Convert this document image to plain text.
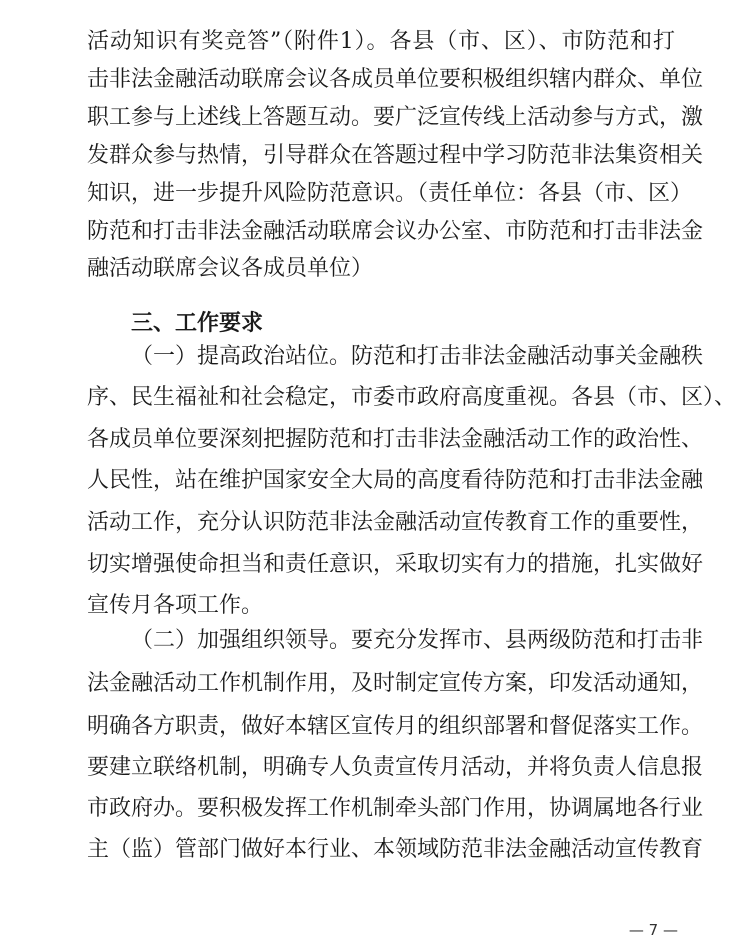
活动知识有奖竞答”（附件1）。各县（市、区）、市防范和打
击非法金融活动联席会议各成员单位要积极组织辖内群众、单位
职工参与上述线上答题互动。要广泛宣传线上活动参与方式，激
发群众参与热情，引导群众在答题过程中学习防范非法集资相关
知识，进一步提升风险防范意识。（责任单位：各县（市、区）
防范和打击非法金融活动联席会议办公室、市防范和打击非法金
融活动联席会议各成员单位）
三、工作要求
（一）提高政治站位。防范和打击非法金融活动事关金融秩
序、民生福祉和社会稳定，市委市政府高度重视。各县（市、区）、
各成员单位要深刻把握防范和打击非法金融活动工作的政治性、
人民性，站在维护国家安全大局的高度看待防范和打击非法金融
活动工作，充分认识防范非法金融活动宣传教育工作的重要性，
切实增强使命担当和责任意识，采取切实有力的措施，扎实做好
宣传月各项工作。
（二）加强组织领导。要充分发挥市、县两级防范和打击非
法金融活动工作机制作用，及时制定宣传方案，印发活动通知，
明确各方职责，做好本辖区宣传月的组织部署和督促落实工作。
要建立联络机制，明确专人负责宣传月活动，并将负责人信息报
市政府办。要积极发挥工作机制牵头部门作用，协调属地各行业
主（监）管部门做好本行业、本领域防范非法金融活动宣传教育
— 7 —
